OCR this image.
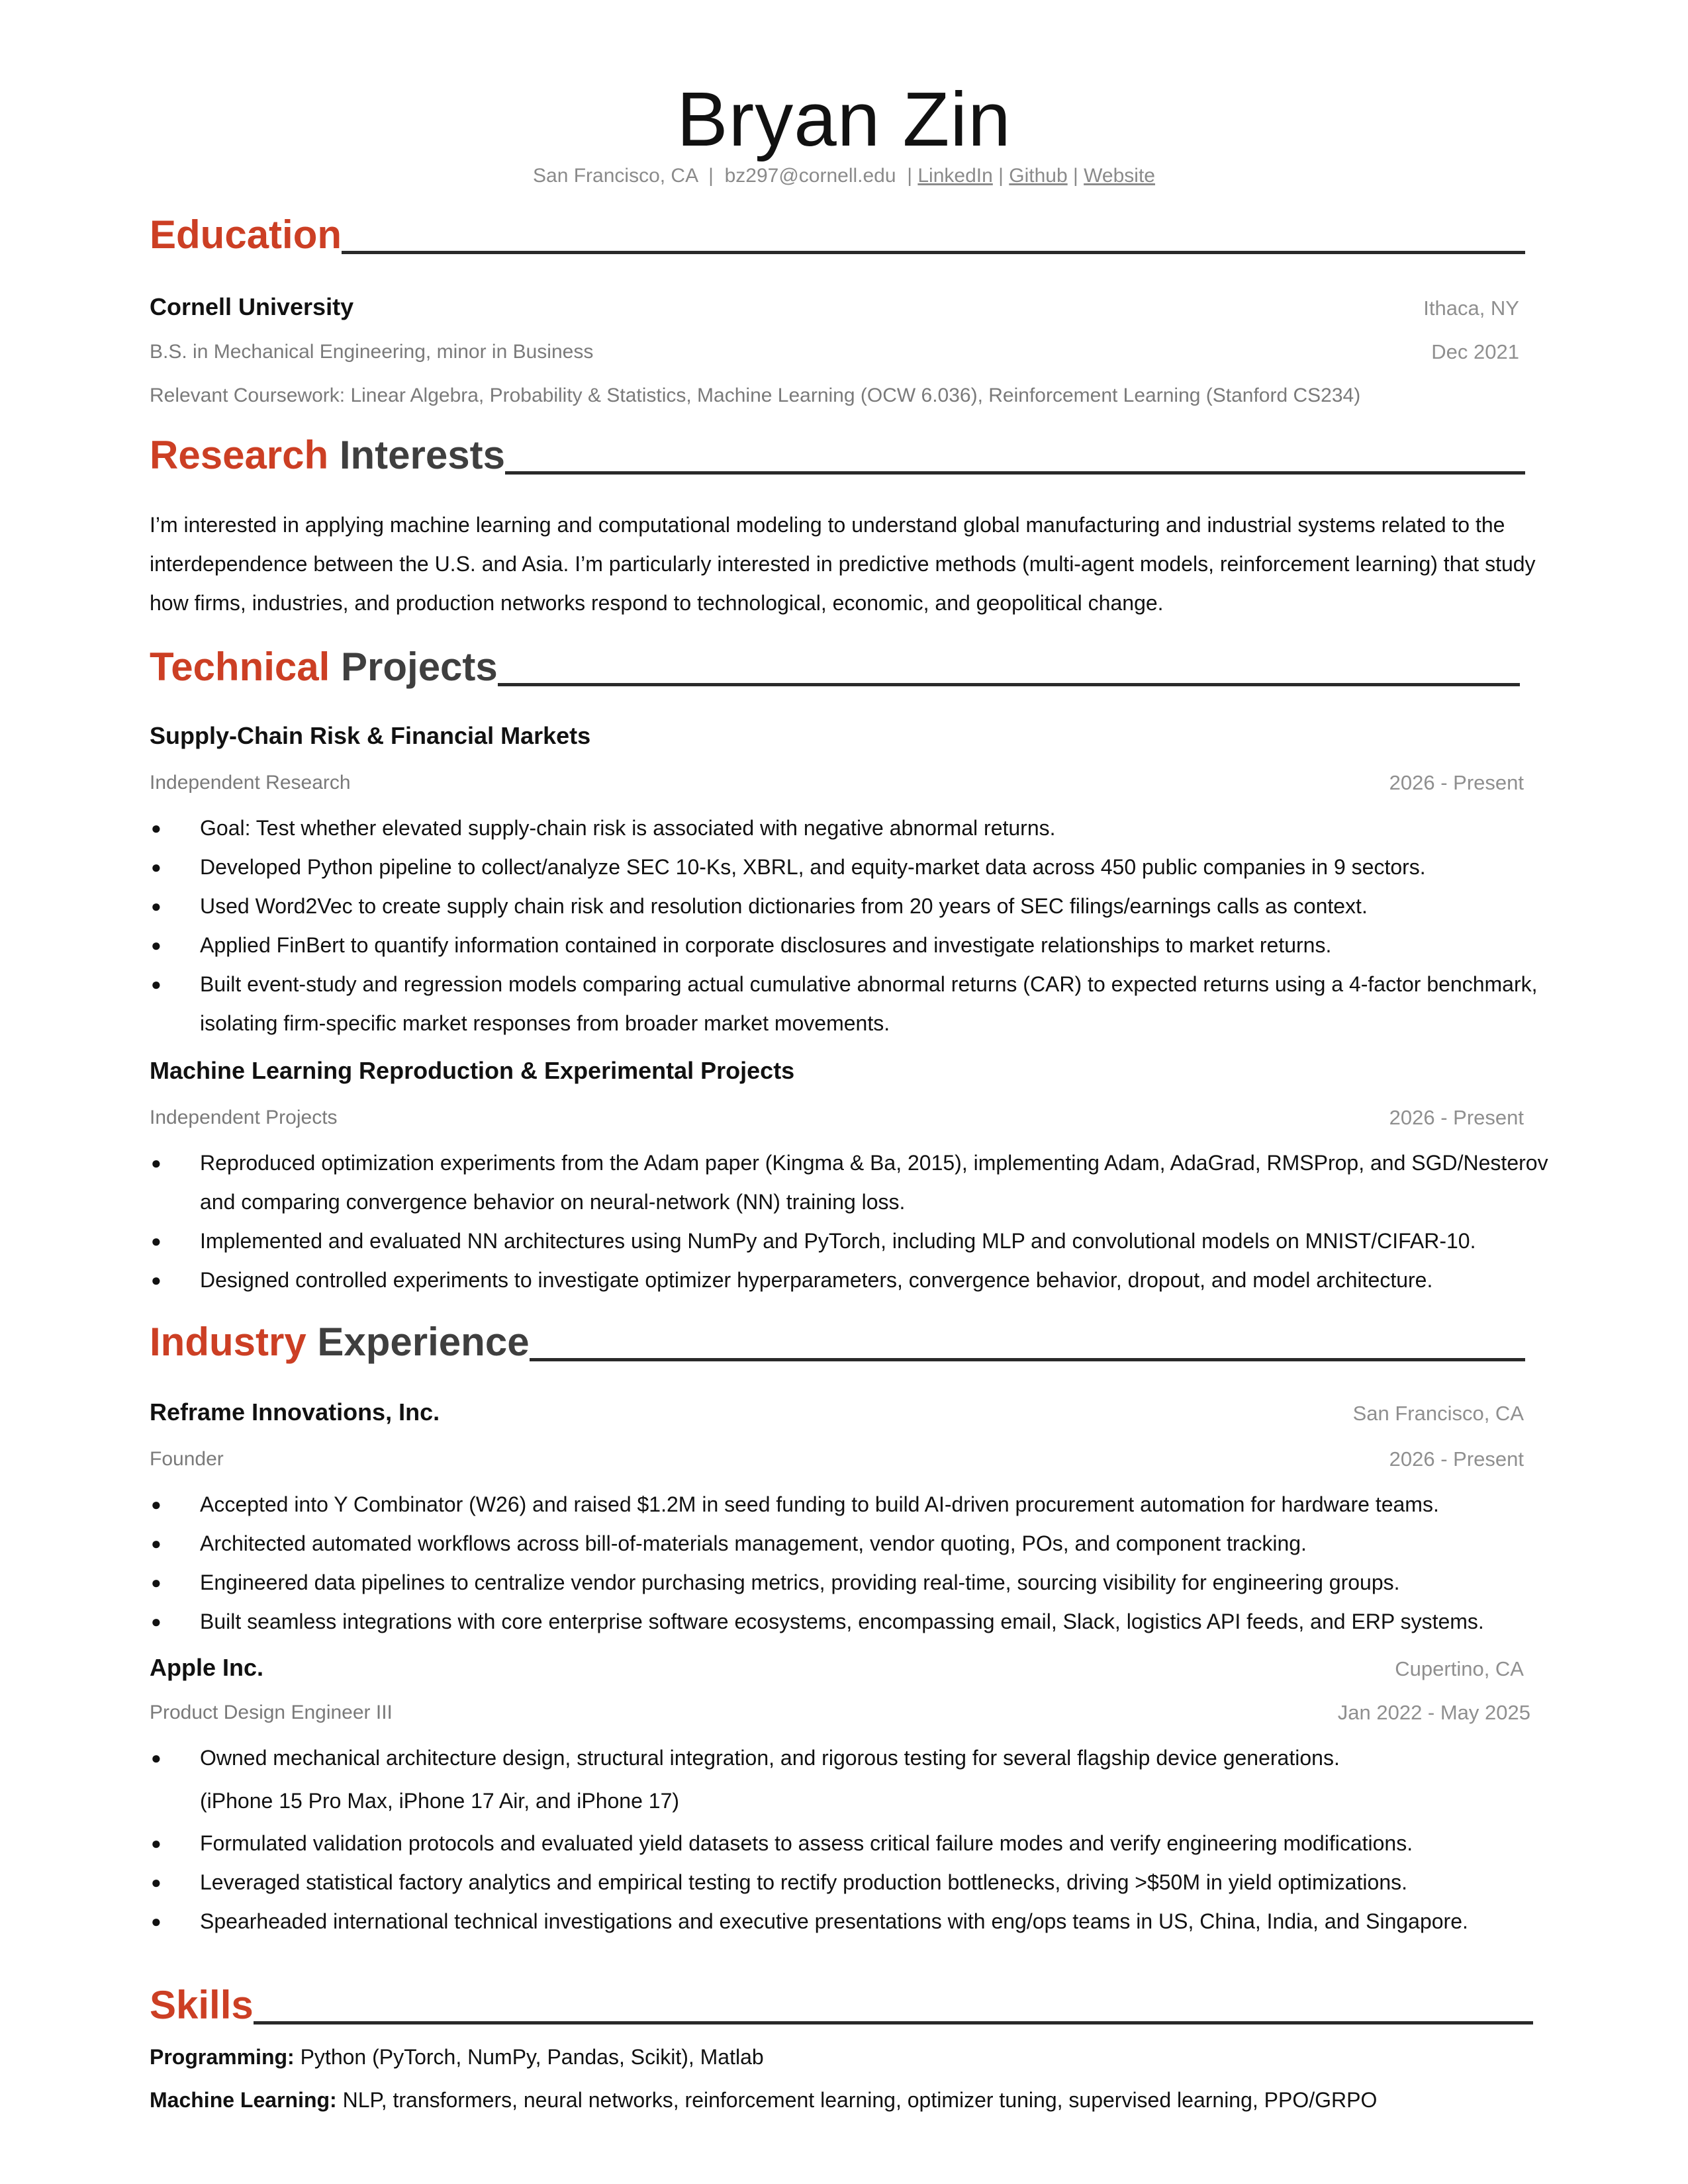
Bryan Zin
San Francisco, CA  |  bz297@cornell.edu  | LinkedIn | Github | Website
Education
Cornell University	Ithaca, NY
B.S. in Mechanical Engineering, minor in Business	Dec 2021
Relevant Coursework: Linear Algebra, Probability & Statistics, Machine Learning (OCW 6.036), Reinforcement Learning (Stanford CS234)
Research Interests
I’m interested in applying machine learning and computational modeling to understand global manufacturing and industrial systems related to the interdependence between the U.S. and Asia. I’m particularly interested in predictive methods (multi-agent models, reinforcement learning) that study how firms, industries, and production networks respond to technological, economic, and geopolitical change.
Technical Projects
Supply-Chain Risk & Financial Markets
Independent Research	2026 - Present
● Goal: Test whether elevated supply-chain risk is associated with negative abnormal returns.
● Developed Python pipeline to collect/analyze SEC 10-Ks, XBRL, and equity-market data across 450 public companies in 9 sectors.
● Used Word2Vec to create supply chain risk and resolution dictionaries from 20 years of SEC filings/earnings calls as context.
● Applied FinBert to quantify information contained in corporate disclosures and investigate relationships to market returns.
● Built event-study and regression models comparing actual cumulative abnormal returns (CAR) to expected returns using a 4-factor benchmark, isolating firm-specific market responses from broader market movements.
Machine Learning Reproduction & Experimental Projects
Independent Projects	2026 - Present
● Reproduced optimization experiments from the Adam paper (Kingma & Ba, 2015), implementing Adam, AdaGrad, RMSProp, and SGD/Nesterov and comparing convergence behavior on neural-network (NN) training loss.
● Implemented and evaluated NN architectures using NumPy and PyTorch, including MLP and convolutional models on MNIST/CIFAR-10.
● Designed controlled experiments to investigate optimizer hyperparameters, convergence behavior, dropout, and model architecture.
Industry Experience
Reframe Innovations, Inc.	San Francisco, CA
Founder	2026 - Present
● Accepted into Y Combinator (W26) and raised $1.2M in seed funding to build AI-driven procurement automation for hardware teams.
● Architected automated workflows across bill-of-materials management, vendor quoting, POs, and component tracking.
● Engineered data pipelines to centralize vendor purchasing metrics, providing real-time, sourcing visibility for engineering groups.
● Built seamless integrations with core enterprise software ecosystems, encompassing email, Slack, logistics API feeds, and ERP systems.
Apple Inc.	Cupertino, CA
Product Design Engineer III	Jan 2022 - May 2025
● Owned mechanical architecture design, structural integration, and rigorous testing for several flagship device generations.
(iPhone 15 Pro Max, iPhone 17 Air, and iPhone 17)
● Formulated validation protocols and evaluated yield datasets to assess critical failure modes and verify engineering modifications.
● Leveraged statistical factory analytics and empirical testing to rectify production bottlenecks, driving >$50M in yield optimizations.
● Spearheaded international technical investigations and executive presentations with eng/ops teams in US, China, India, and Singapore.
Skills
Programming: Python (PyTorch, NumPy, Pandas, Scikit), Matlab
Machine Learning: NLP, transformers, neural networks, reinforcement learning, optimizer tuning, supervised learning, PPO/GRPO
